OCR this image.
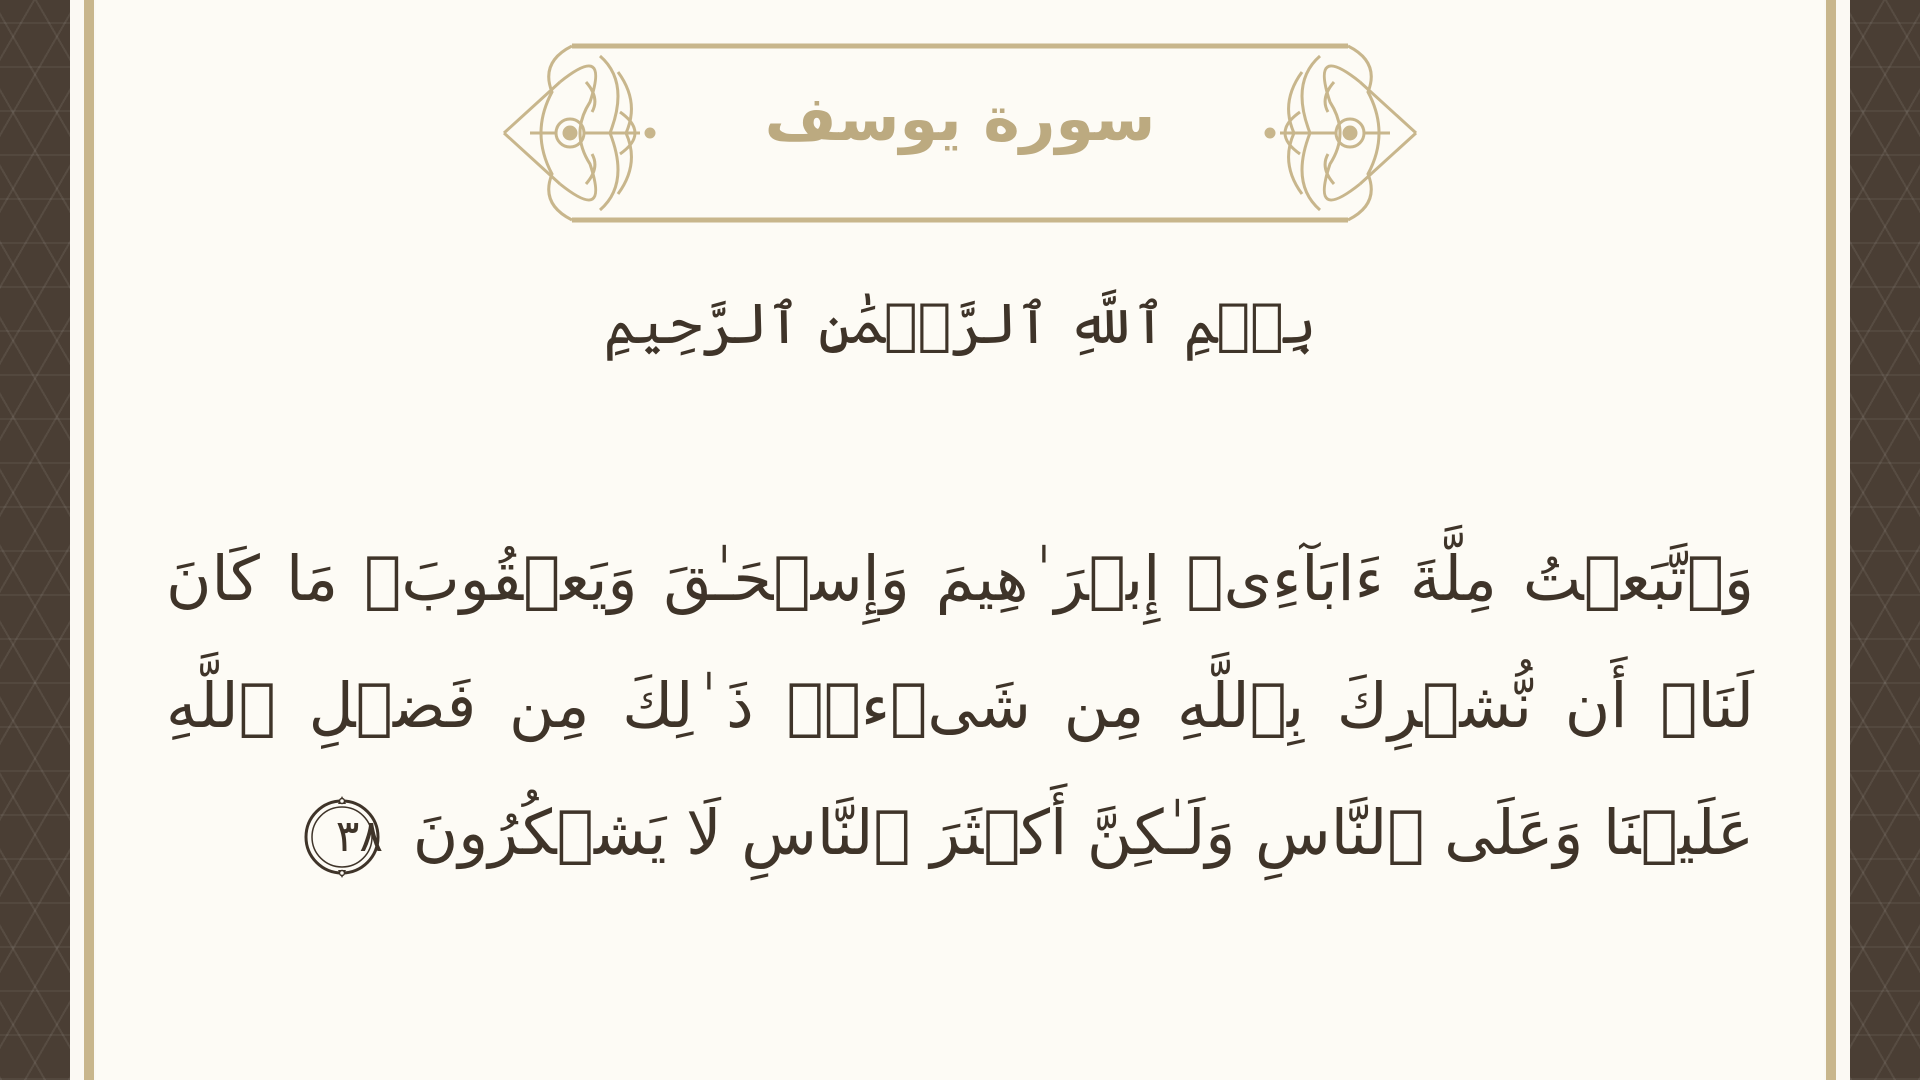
سورة يوسف
بِسۡمِ ٱللَّهِ ٱلرَّحۡمَٰنِ ٱلرَّحِيمِ
وَٱتَّبَعۡتُ مِلَّةَ ءَابَآءِیۤ إِبۡرَ ٰ⁠هِیمَ وَإِسۡحَـٰقَ وَیَعۡقُوبَۚ مَا كَانَ لَنَاۤ أَن نُّشۡرِكَ بِٱللَّهِ مِن شَیۡءࣲۚ ذَ ٰ⁠لِكَ مِن فَضۡلِ ٱللَّهِ عَلَیۡنَا وَعَلَى ٱلنَّاسِ وَلَـٰكِنَّ أَكۡثَرَ ٱلنَّاسِ لَا یَشۡكُرُونَ
٣٨
